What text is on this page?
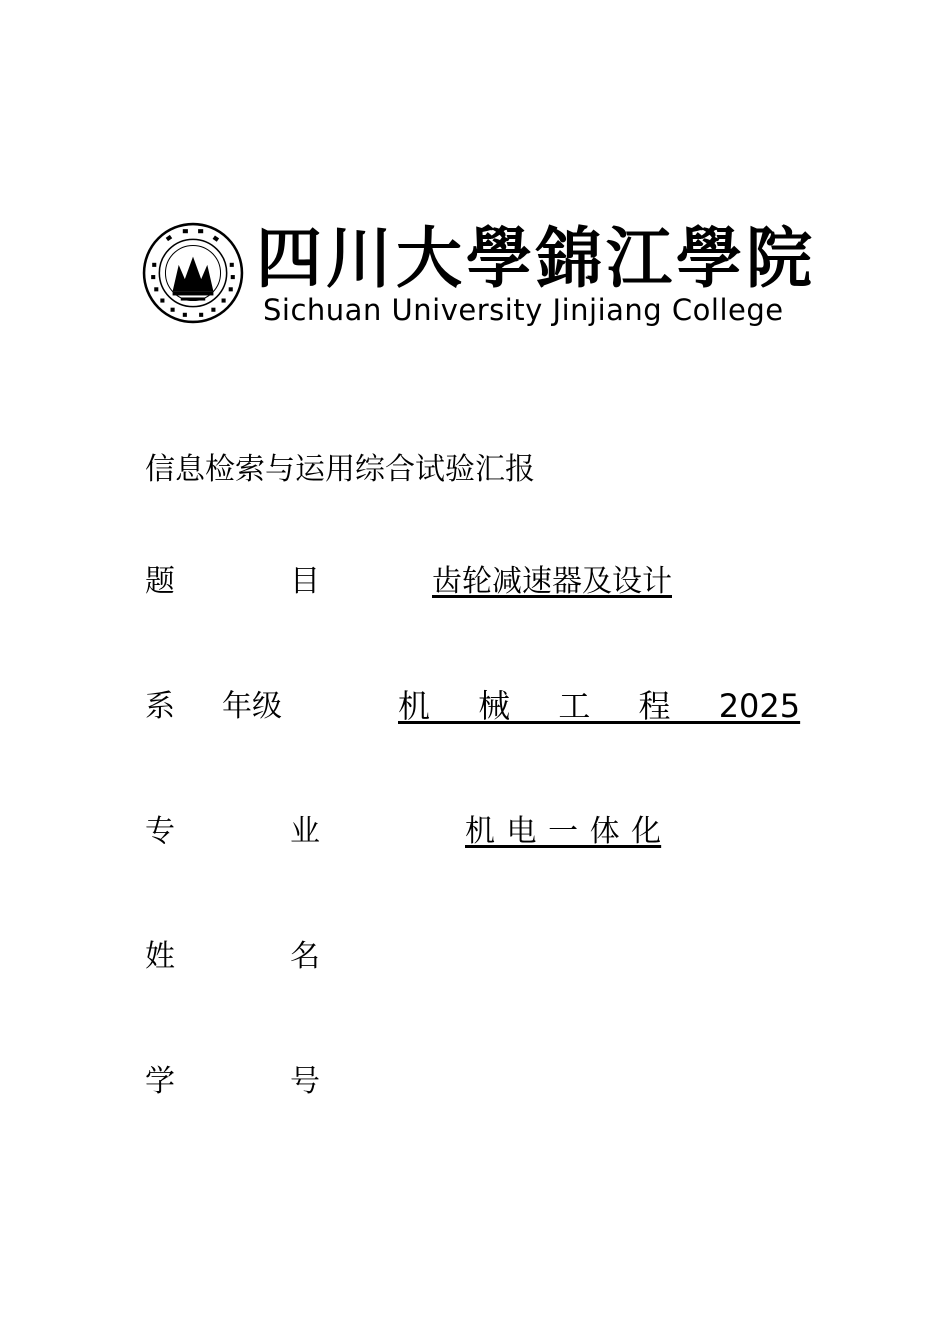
四川大學錦江學院
Sichuan University Jinjiang College
信息检索与运用综合试验汇报
题	目	齿轮减速器及设计
系 年级	机 械 工 程 2025
专	业	机 电 一 体 化
姓	名
学	号
